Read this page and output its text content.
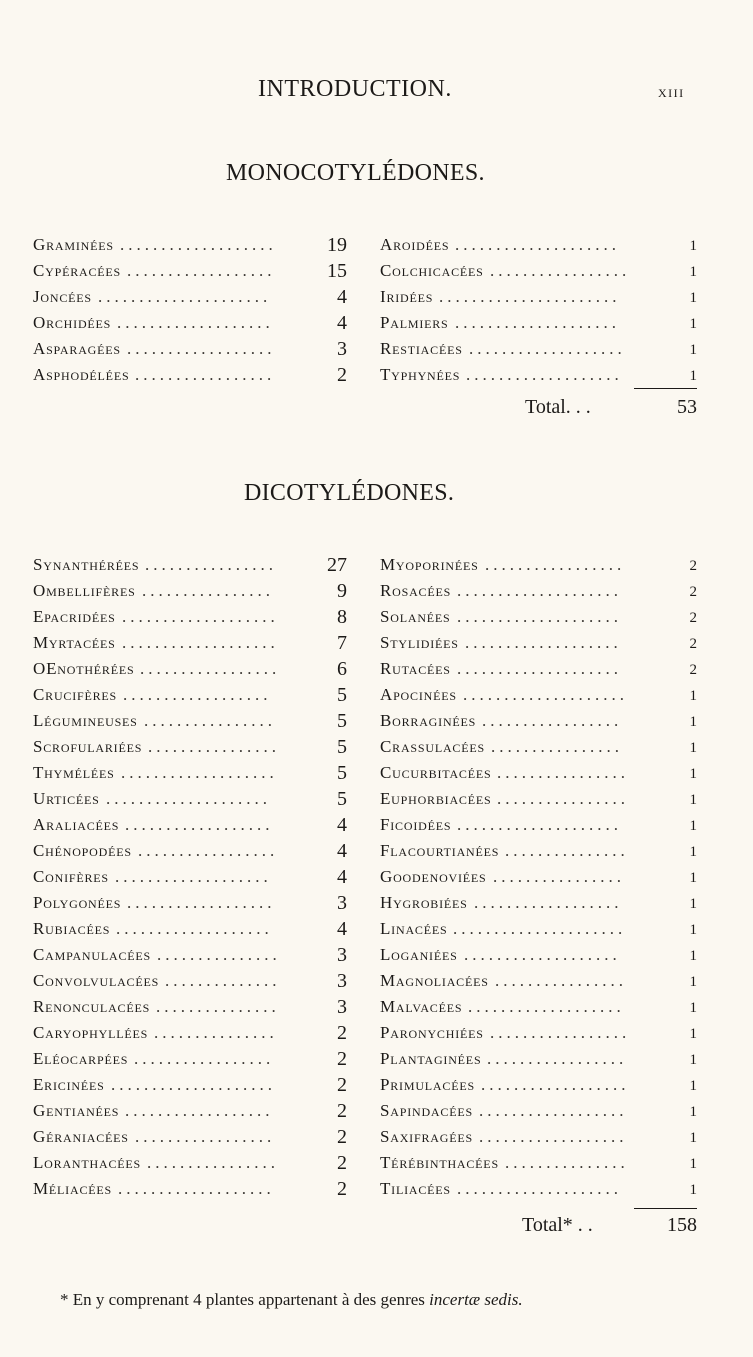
INTRODUCTION.	xiii
MONOCOTYLÉDONES.
Graminées	19
...................
Cypéracées	15
..................
Joncées	4
.....................
Orchidées	4
...................
Asparagées	3
..................
Asphodélées	2
.................
Aroidées	1
....................
Colchicacées	1
.................
Iridées	1
......................
Palmiers	1
....................
Restiacées	1
...................
Typhynées	1
...................
Total. . .	53
DICOTYLÉDONES.
Synanthérées	27
................
Ombellifères	9
................
Epacridées	8
...................
Myrtacées	7
...................
OEnothérées	6
.................
Crucifères	5
..................
Légumineuses	5
................
Scrofulariées	5
................
Thymélées	5
...................
Urticées	5
....................
Araliacées	4
..................
Chénopodées	4
.................
Conifères	4
...................
Polygonées	3
..................
Rubiacées	4
...................
Campanulacées	3
...............
Convolvulacées	3
..............
Renonculacées	3
...............
Caryophyllées	2
...............
Eléocarpées	2
.................
Ericinées	2
....................
Gentianées	2
..................
Géraniacées	2
.................
Loranthacées	2
................
Méliacées	2
...................
Myoporinées	2
.................
Rosacées	2
....................
Solanées	2
....................
Stylidiées	2
...................
Rutacées	2
....................
Apocinées	1
....................
Borraginées	1
.................
Crassulacées	1
................
Cucurbitacées	1
................
Euphorbiacées	1
................
Ficoidées	1
....................
Flacourtianées	1
...............
Goodenoviées	1
................
Hygrobiées	1
..................
Linacées	1
.....................
Loganiées	1
...................
Magnoliacées	1
................
Malvacées	1
...................
Paronychiées	1
.................
Plantaginées	1
.................
Primulacées	1
..................
Sapindacées	1
..................
Saxifragées	1
..................
Térébinthacées	1
...............
Tiliacées	1
....................
Total* . .	158
* En y comprenant 4 plantes appartenant à des genres incertæ sedis.
